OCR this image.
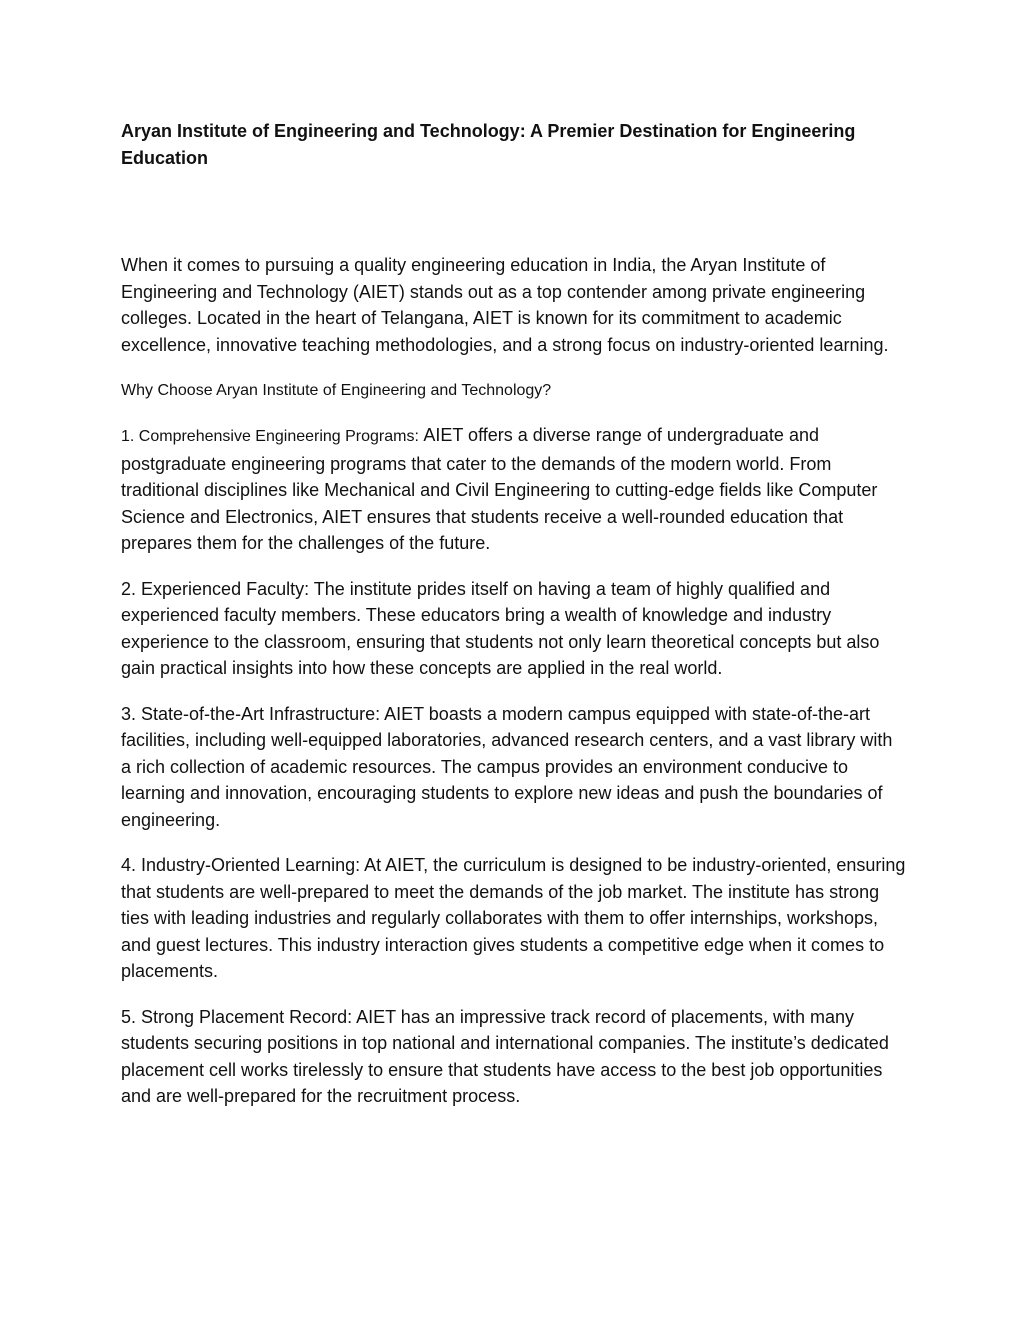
Aryan Institute of Engineering and Technology: A Premier Destination for Engineering Education

When it comes to pursuing a quality engineering education in India, the Aryan Institute of Engineering and Technology (AIET) stands out as a top contender among private engineering colleges. Located in the heart of Telangana, AIET is known for its commitment to academic excellence, innovative teaching methodologies, and a strong focus on industry-oriented learning.

Why Choose Aryan Institute of Engineering and Technology?

1. Comprehensive Engineering Programs: AIET offers a diverse range of undergraduate and postgraduate engineering programs that cater to the demands of the modern world. From traditional disciplines like Mechanical and Civil Engineering to cutting-edge fields like Computer Science and Electronics, AIET ensures that students receive a well-rounded education that prepares them for the challenges of the future.

2. Experienced Faculty: The institute prides itself on having a team of highly qualified and experienced faculty members. These educators bring a wealth of knowledge and industry experience to the classroom, ensuring that students not only learn theoretical concepts but also gain practical insights into how these concepts are applied in the real world.

3. State-of-the-Art Infrastructure: AIET boasts a modern campus equipped with state-of-the-art facilities, including well-equipped laboratories, advanced research centers, and a vast library with a rich collection of academic resources. The campus provides an environment conducive to learning and innovation, encouraging students to explore new ideas and push the boundaries of engineering.

4. Industry-Oriented Learning: At AIET, the curriculum is designed to be industry-oriented, ensuring that students are well-prepared to meet the demands of the job market. The institute has strong ties with leading industries and regularly collaborates with them to offer internships, workshops, and guest lectures. This industry interaction gives students a competitive edge when it comes to placements.

5. Strong Placement Record: AIET has an impressive track record of placements, with many students securing positions in top national and international companies. The institute’s dedicated placement cell works tirelessly to ensure that students have access to the best job opportunities and are well-prepared for the recruitment process.
